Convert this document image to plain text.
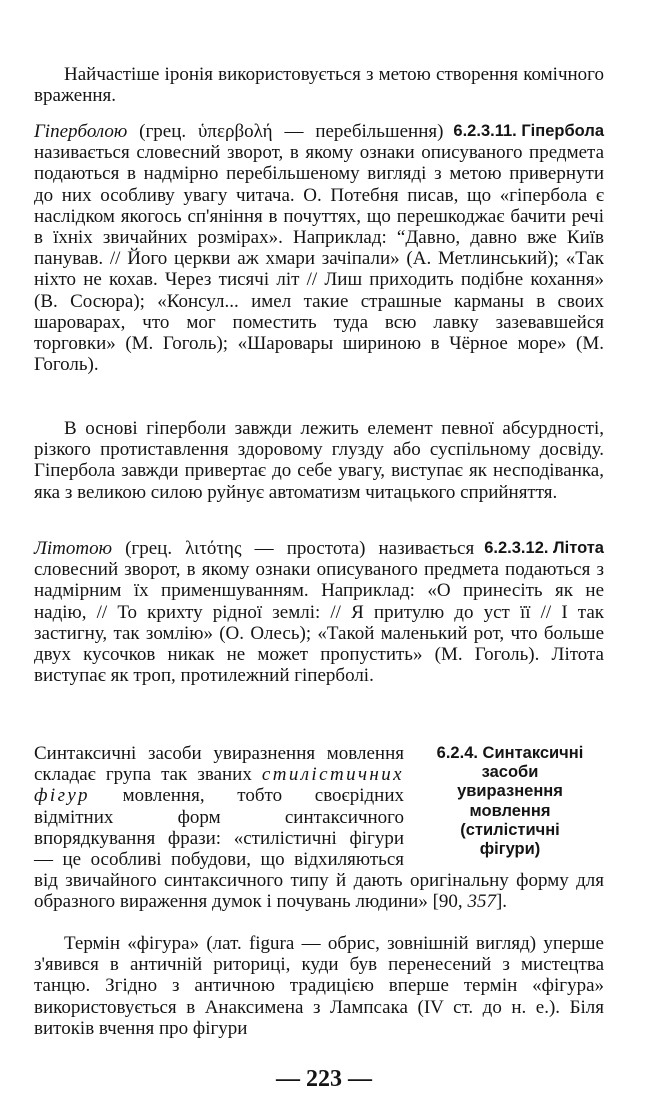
Найчастіше іронія використовується з метою створення комічного враження.

6.2.3.11. Гіпербола
Гіперболою (грец. ὑπερβολή — перебільшення) називається словесний зворот, в якому ознаки описуваного предмета подаються в надмірно перебільшеному вигляді з метою привернути до них особливу увагу читача. О. Потебня писав, що «гіпербола є наслідком якогось сп'яніння в почуттях, що перешкоджає бачити речі в їхніх звичайних розмірах». Наприклад: “Давно, давно вже Київ панував. // Його церкви аж хмари зачіпали» (А. Метлинський); «Так ніхто не кохав. Через тисячі літ // Лиш приходить подібне кохання» (В. Сосюра); «Консул... имел такие страшные карманы в своих шароварах, что мог поместить туда всю лавку зазевавшейся торговки» (М. Гоголь); «Шаровары шириною в Чёрное море» (М. Гоголь).

В основі гіперболи завжди лежить елемент певної абсурдності, різкого протиставлення здоровому глузду або суспільному досвіду. Гіпербола завжди привертає до себе увагу, виступає як несподіванка, яка з великою силою руйнує автоматизм читацького сприйняття.

6.2.3.12. Літота
Літотою (грец. λιτότης — простота) називається словесний зворот, в якому ознаки описуваного предмета подаються з надмірним їх применшуванням. Наприклад: «О принесіть як не надію, // То крихту рідної землі: // Я притулю до уст її // І так застигну, так зомлію» (О. Олесь); «Такой маленький рот, что больше двух кусочков никак не может пропустить» (М. Гоголь). Літота виступає як троп, протилежний гіперболі.
6.2.4. Синтаксичні
засоби
увиразнення
мовлення
(стилістичні
фігури)
Синтаксичні засоби увиразнення мовлення складає група так званих стилістичних фігур мовлення, тобто своєрідних відмітних форм синтаксичного впорядкування фрази: «стилістичні фігури — це особливі побудови, що відхиляються від звичайного синтаксичного типу й дають оригінальну форму для образного вираження думок і почувань людини» [90, 357].

Термін «фігура» (лат. figura — обрис, зовнішній вигляд) уперше з'явився в античній риториці, куди був перенесений з мистецтва танцю. Згідно з античною традицією вперше термін «фігура» використовується в Анаксимена з Лампсака (IV ст. до н. е.). Біля витоків вчення про фігури

— 223 —
